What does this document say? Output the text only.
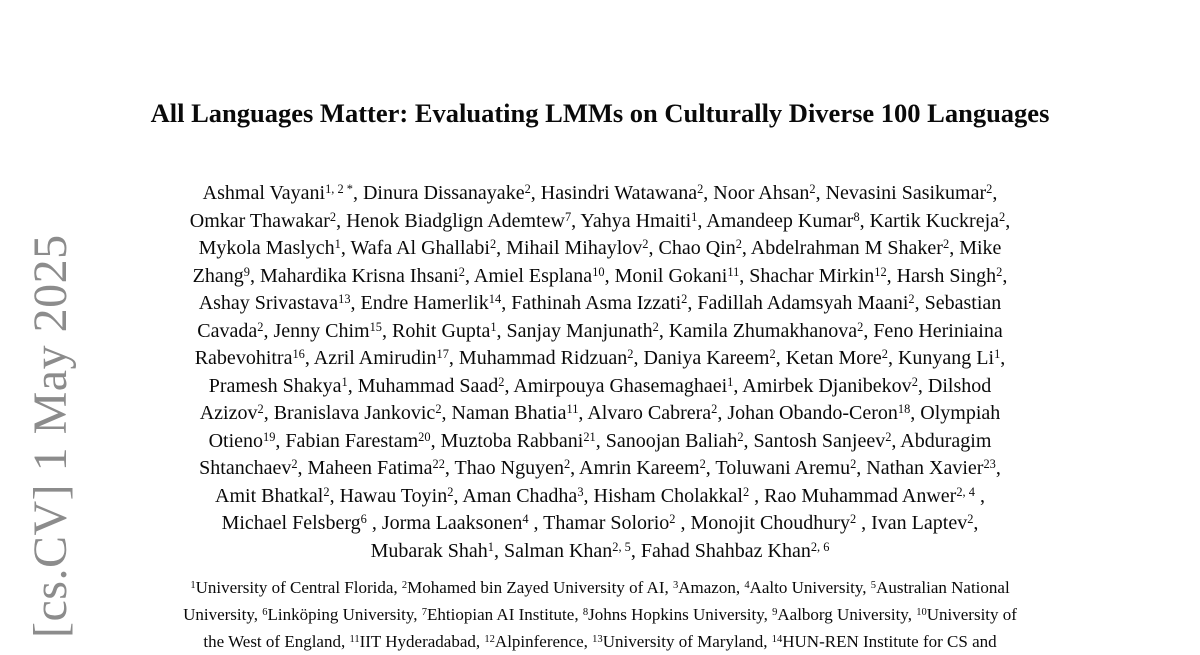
[cs.CV] 1 May 2025
All Languages Matter: Evaluating LMMs on Culturally Diverse 100 Languages
Ashmal Vayani$^{1, 2 *}$, Dinura Dissanayake$^2$, Hasindri Watawana$^2$, Noor Ahsan$^2$, Nevasini Sasikumar$^2$,
Omkar Thawakar$^2$, Henok Biadglign Ademtew$^7$, Yahya Hmaiti$^1$, Amandeep Kumar$^8$, Kartik Kuckreja$^2$,
Mykola Maslych$^1$, Wafa Al Ghallabi$^2$, Mihail Mihaylov$^2$, Chao Qin$^2$, Abdelrahman M Shaker$^2$, Mike
Zhang$^9$, Mahardika Krisna Ihsani$^2$, Amiel Esplana$^{10}$, Monil Gokani$^{11}$, Shachar Mirkin$^{12}$, Harsh Singh$^2$,
Ashay Srivastava$^{13}$, Endre Hamerlik$^{14}$, Fathinah Asma Izzati$^2$, Fadillah Adamsyah Maani$^2$, Sebastian
Cavada$^2$, Jenny Chim$^{15}$, Rohit Gupta$^1$, Sanjay Manjunath$^2$, Kamila Zhumakhanova$^2$, Feno Heriniaina
Rabevohitra$^{16}$, Azril Amirudin$^{17}$, Muhammad Ridzuan$^2$, Daniya Kareem$^2$, Ketan More$^2$, Kunyang Li$^1$,
Pramesh Shakya$^1$, Muhammad Saad$^2$, Amirpouya Ghasemaghaei$^1$, Amirbek Djanibekov$^2$, Dilshod
Azizov$^2$, Branislava Jankovic$^2$, Naman Bhatia$^{11}$, Alvaro Cabrera$^2$, Johan Obando-Ceron$^{18}$, Olympiah
Otieno$^{19}$, Fabian Farestam$^{20}$, Muztoba Rabbani$^{21}$, Sanoojan Baliah$^2$, Santosh Sanjeev$^2$, Abduragim
Shtanchaev$^2$, Maheen Fatima$^{22}$, Thao Nguyen$^2$, Amrin Kareem$^2$, Toluwani Aremu$^2$, Nathan Xavier$^{23}$,
Amit Bhatkal$^2$, Hawau Toyin$^2$, Aman Chadha$^3$, Hisham Cholakkal$^2$ , Rao Muhammad Anwer$^{2, 4}$ ,
Michael Felsberg$^6$ , Jorma Laaksonen$^4$ , Thamar Solorio$^2$ , Monojit Choudhury$^2$ , Ivan Laptev$^2$,
Mubarak Shah$^1$, Salman Khan$^{2, 5}$, Fahad Shahbaz Khan$^{2, 6}$
$^1$University of Central Florida, $^2$Mohamed bin Zayed University of AI, $^3$Amazon, $^4$Aalto University, $^5$Australian National
University, $^6$Linköping University, $^7$Ehtiopian AI Institute, $^8$Johns Hopkins University, $^9$Aalborg University, $^{10}$University of
the West of England, $^{11}$IIT Hyderadabad, $^{12}$Alpinference, $^{13}$University of Maryland, $^{14}$HUN-REN Institute for CS and
